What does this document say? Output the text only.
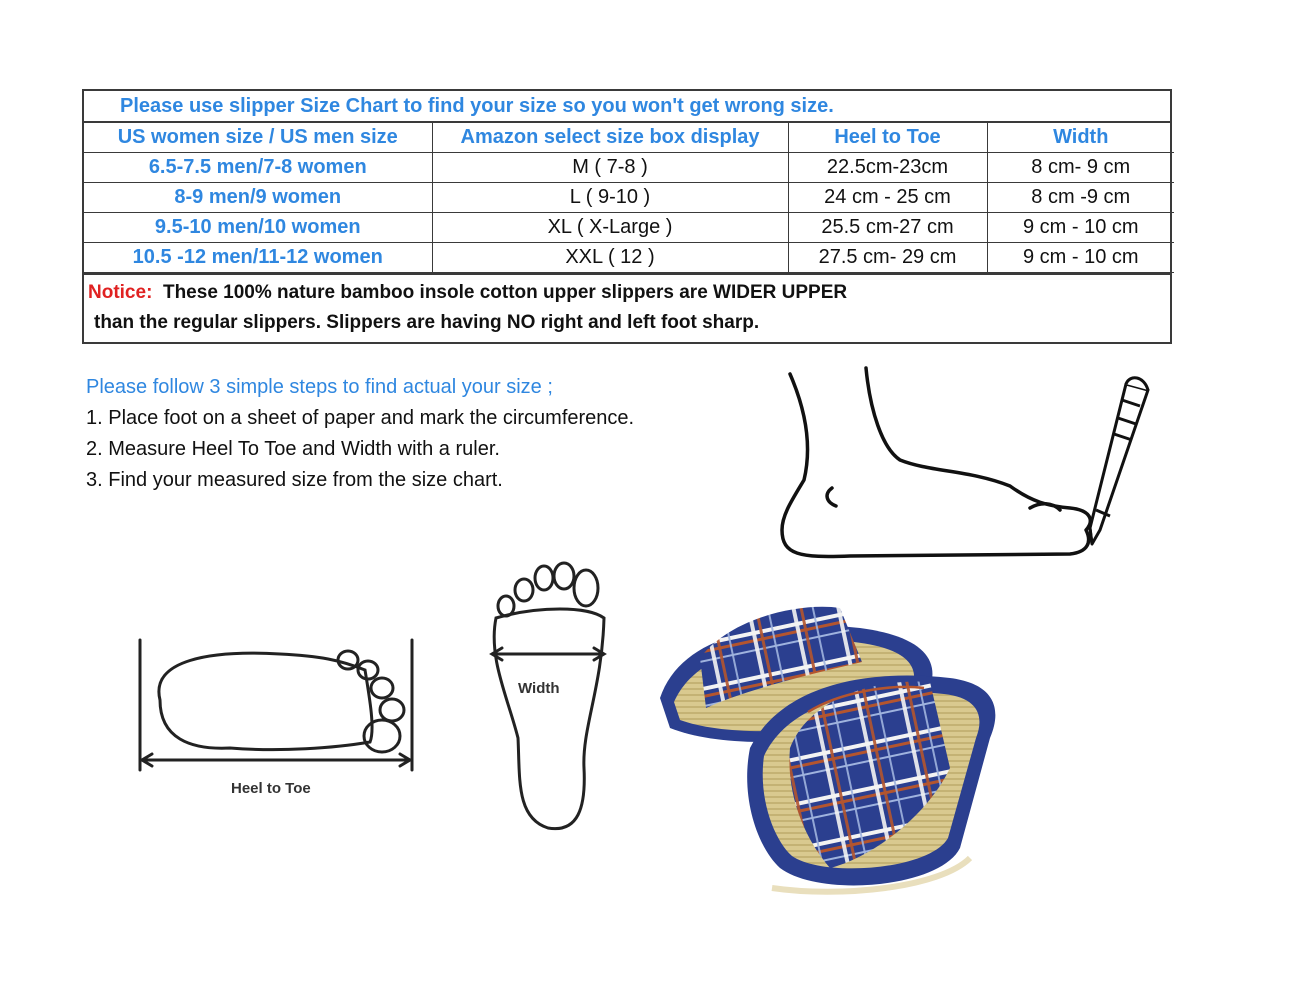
Please use slipper Size Chart to find your size so you won't get wrong size.
US women size / US men size	Amazon select size box display	Heel to Toe	Width
6.5-7.5 men/7-8 women	M ( 7-8 )	22.5cm-23cm	8 cm- 9 cm
8-9 men/9 women	L ( 9-10 )	24 cm - 25 cm	8 cm -9 cm
9.5-10 men/10 women	XL ( X-Large )	25.5 cm-27 cm	9 cm - 10 cm
10.5 -12 men/11-12 women	XXL ( 12 )	27.5 cm- 29 cm	9 cm - 10 cm
Notice: These 100% nature bamboo insole cotton upper slippers are WIDER UPPER
than the regular slippers. Slippers are having NO right and left foot sharp.
Please follow 3 simple steps to find actual your size ;
1. Place foot on a sheet of paper and mark the circumference.
2. Measure Heel To Toe and Width with a ruler.
3. Find your measured size from the size chart.
Heel to Toe
Width
